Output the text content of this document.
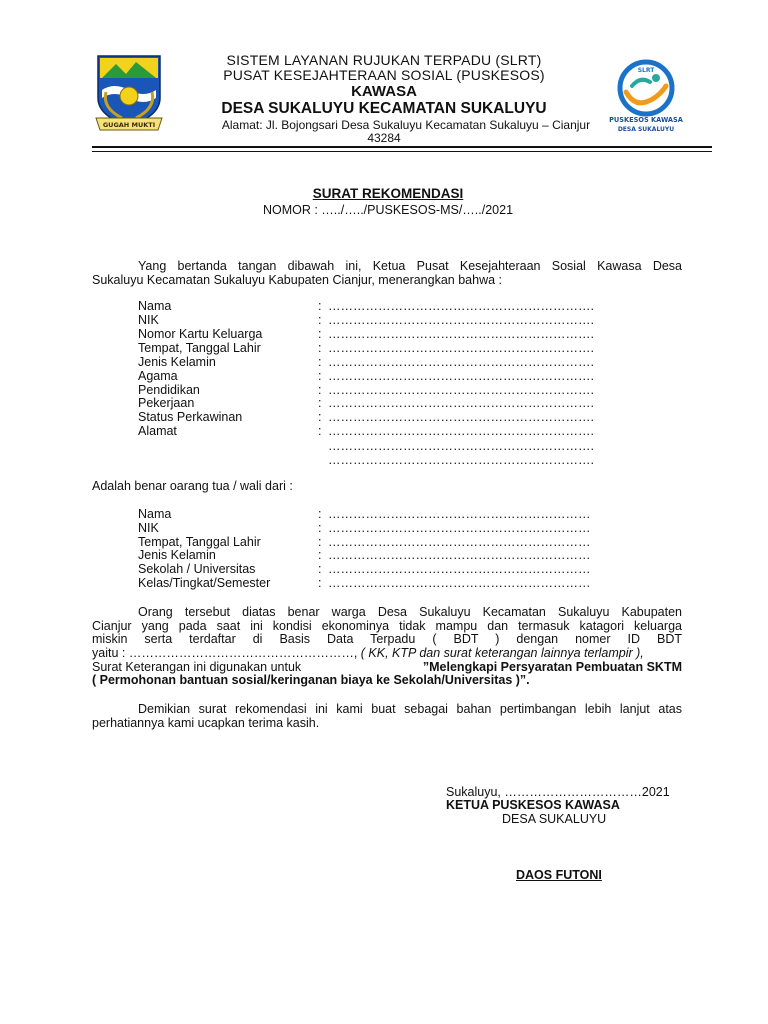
GUGAH MUKTI
SLRT
PUSKESOS KAWASA
DESA SUKALUYU
SISTEM LAYANAN RUJUKAN TERPADU (SLRT)
PUSAT KESEJAHTERAAN SOSIAL (PUSKESOS)
KAWASA
DESA SUKALUYU KECAMATAN SUKALUYU
Alamat: Jl. Bojongsari Desa Sukaluyu Kecamatan Sukaluyu – Cianjur
43284
SURAT REKOMENDASI
NOMOR : …../…../PUSKESOS-MS/…../2021
Yang bertanda tangan dibawah ini, Ketua Pusat Kesejahteraan Sosial Kawasa Desa
Sukaluyu Kecamatan Sukaluyu Kabupaten Cianjur, menerangkan bahwa :
Nama	: ……………………………………………………….
NIK	: ……………………………………………………….
Nomor Kartu Keluarga	: ……………………………………………………….
Tempat, Tanggal Lahir	: ……………………………………………………….
Jenis Kelamin	: ……………………………………………………….
Agama	: ……………………………………………………….
Pendidikan	: ……………………………………………………….
Pekerjaan	: ……………………………………………………….
Status Perkawinan	: ……………………………………………………….
Alamat	: ……………………………………………………….
……………………………………………………….
……………………………………………………….
Adalah benar oarang tua / wali dari :
Nama	: ………………………………………………………
NIK	: ………………………………………………………
Tempat, Tanggal Lahir	: ………………………………………………………
Jenis Kelamin	: ………………………………………………………
Sekolah / Universitas	: ………………………………………………………
Kelas/Tingkat/Semester	: ………………………………………………………
Orang tersebut diatas benar warga Desa Sukaluyu Kecamatan Sukaluyu Kabupaten
Cianjur yang pada saat ini kondisi ekonominya tidak mampu dan termasuk katagori keluarga
miskin serta terdaftar di Basis Data Terpadu ( BDT ) dengan nomer ID BDT
yaitu : ………………………………………………, ( KK, KTP dan surat keterangan lainnya terlampir ),
Surat Keterangan ini digunakan untuk	”Melengkapi Persyaratan Pembuatan SKTM
( Permohonan bantuan sosial/keringanan biaya ke Sekolah/Universitas )”.
Demikian surat rekomendasi ini kami buat sebagai bahan pertimbangan lebih lanjut atas
perhatiannya kami ucapkan terima kasih.
Sukaluyu, ……………………………2021
KETUA PUSKESOS KAWASA
DESA SUKALUYU
DAOS FUTONI
